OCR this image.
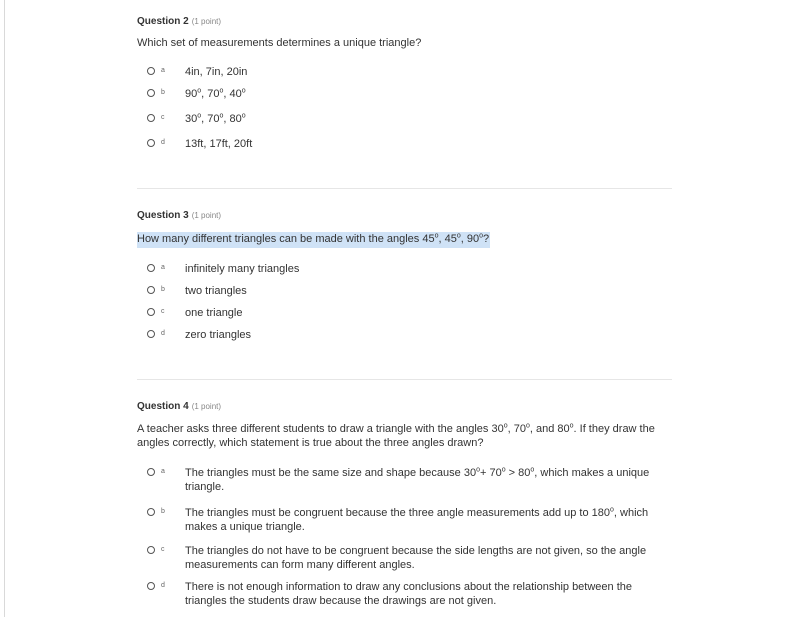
Question 2 (1 point)
Which set of measurements determines a unique triangle?
a 4in, 7in, 20in
b 90$^o$, 70$^o$, 40$^o$
c 30$^o$, 70$^o$, 80$^o$
d 13ft, 17ft, 20ft
Question 3 (1 point)
How many different triangles can be made with the angles 45$^o$, 45$^o$, 90$^o$?
a infinitely many triangles
b two triangles
c one triangle
d zero triangles
Question 4 (1 point)
A teacher asks three different students to draw a triangle with the angles 30$^o$, 70$^o$, and 80$^o$. If they draw the angles correctly, which statement is true about the three angles drawn?
a The triangles must be the same size and shape because $30^o+ 70^o > 80^o$, which makes a unique triangle.
b The triangles must be congruent because the three angle measurements add up to 180$^o$, which makes a unique triangle.
c The triangles do not have to be congruent because the side lengths are not given, so the angle measurements can form many different angles.
d There is not enough information to draw any conclusions about the relationship between the triangles the students draw because the drawings are not given.
